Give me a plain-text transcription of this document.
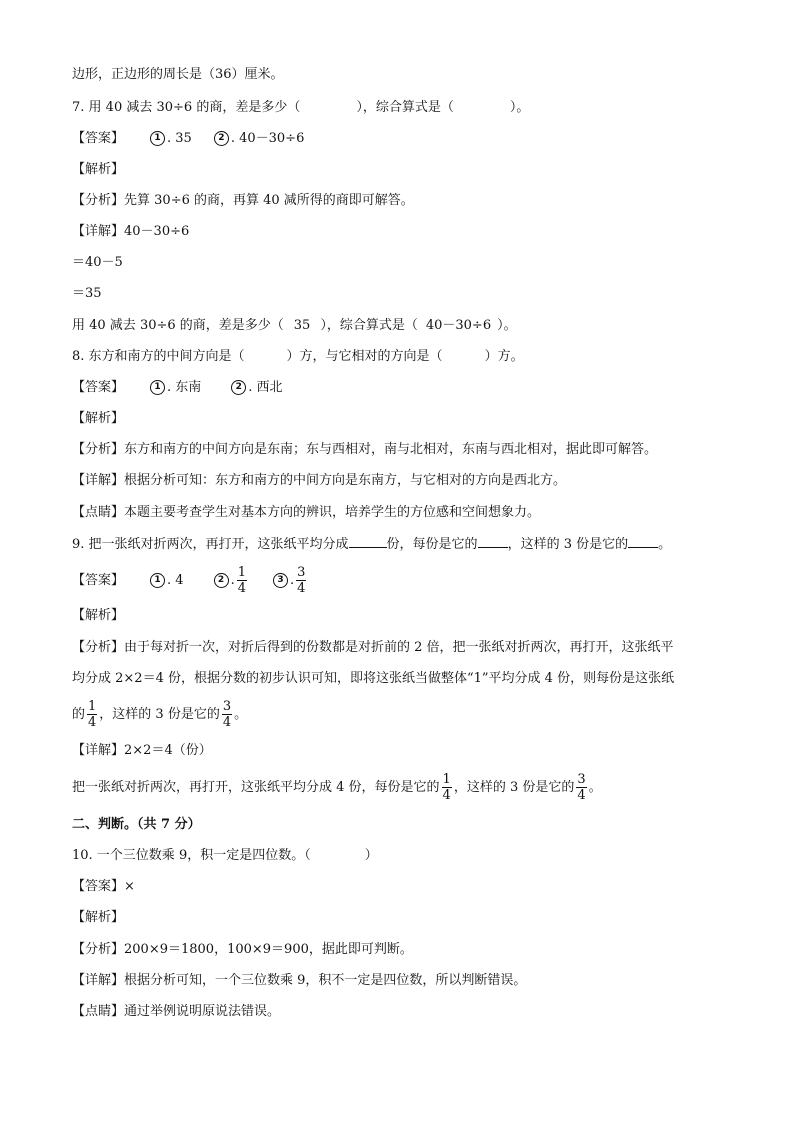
边形，正边形的周长是（36）厘米。
7. 用 40 减去 30÷6 的商，差是多少（	），综合算式是（	）。
【答案】	1 . 35	2 . 40－30÷6
【解析】
【分析】先算 30÷6 的商，再算 40 减所得的商即可解答。
【详解】40－30÷6
＝40－5
＝35
用 40 减去 30÷6 的商，差是多少（ 35 ），综合算式是（ 40－30÷6 ）。
8. 东方和南方的中间方向是（	）方，与它相对的方向是（	）方。
【答案】	1 . 东南	2 . 西北
【解析】
【分析】东方和南方的中间方向是东南；东与西相对，南与北相对，东南与西北相对，据此即可解答。
【详解】根据分析可知：东方和南方的中间方向是东南方，与它相对的方向是西北方。
【点睛】本题主要考查学生对基本方向的辨识，培养学生的方位感和空间想象力。
9. 把一张纸对折两次，再打开，这张纸平均分成	份，每份是它的 ，这样的 3 份是它的 。
【答案】	1 . 4	2 . $\frac{1}{4}$	3 . $\frac{3}{4}$
【解析】
【分析】由于每对折一次，对折后得到的份数都是对折前的 2 倍，把一张纸对折两次，再打开，这张纸平
均分成 2×2＝4 份，根据分数的初步认识可知，即将这张纸当做整体“1”平均分成 4 份，则每份是这张纸
的 $\frac{1}{4}$ ，这样的 3 份是它的 $\frac{3}{4}$ 。
【详解】2×2＝4（份）
把一张纸对折两次，再打开，这张纸平均分成 4 份，每份是它的 $\frac{1}{4}$ ，这样的 3 份是它的 $\frac{3}{4}$ 。
二、判断。（共 7 分）
10. 一个三位数乘 9，积一定是四位数。（	）
【答案】×
【解析】
【分析】200×9＝1800，100×9＝900，据此即可判断。
【详解】根据分析可知，一个三位数乘 9，积不一定是四位数，所以判断错误。
【点睛】通过举例说明原说法错误。
